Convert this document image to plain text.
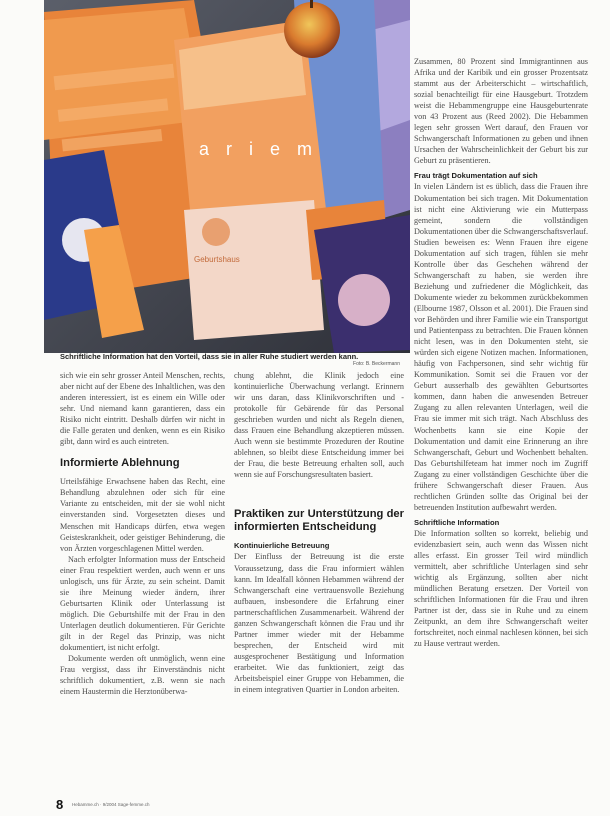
a r i e m
Geburtshaus
Schriftliche Information hat den Vorteil, dass sie in aller Ruhe studiert werden kann.
Foto: B. Beckermann

sich wie ein sehr grosser Anteil Menschen, rechts, aber nicht auf der Ebene des Inhaltlichen, was den anderen interessiert, ist es einem ein Wille oder sehr. Und niemand kann garantieren, dass ein Risiko nicht eintritt. Deshalb dürfen wir nicht in die Falle geraten und denken, wenn es ein Risiko gibt, dann wird es auch eintreten.

Informierte Ablehnung

Urteilsfähige Erwachsene haben das Recht, eine Behandlung abzulehnen oder sich für eine Variante zu entscheiden, mit der sie wohl nicht einverstanden sind. Vorgesetzten dieses und Menschen mit Handicaps dürfen, etwa wegen Geisteskrankheit, oder geistiger Behinderung, die von Ärzten vorgeschlagenen Mittel werden.

Nach erfolgter Information muss der Entscheid einer Frau respektiert werden, auch wenn er uns unlogisch, uns für Ärzte, zu sein scheint. Damit sie ihre Meinung wieder ändern, ihrer Geburtsarten Klinik oder Unterlassung ist möglich. Die Geburtshilfe mit der Frau in den Unterlagen deutlich dokumentieren. Für Gerichte gilt in der Regel das Prinzip, was nicht dokumentiert, ist nicht erfolgt.

Dokumente werden oft unmöglich, wenn eine Frau vergisst, dass ihr Einverständnis nicht schriftlich dokumentiert, z.B. wenn sie nach einem Haustermin die Herztonüberwa-

chung ablehnt, die Klinik jedoch eine kontinuierliche Überwachung verlangt. Erinnern wir uns daran, dass Klinikvorschriften und -protokolle für Gebärende für das Personal geschrieben wurden und nicht als Regeln dienen, dass Frauen eine Behandlung akzeptieren müssen. Auch wenn sie bestimmte Prozeduren der Routine ablehnen, so bleibt diese Entscheidung immer bei der Frau, die beste Betreuung erhalten soll, auch wenn sie auf Forschungsresultaten basiert.

Praktiken zur Unterstützung der informierten Entscheidung
Kontinuierliche Betreuung

Der Einfluss der Betreuung ist die erste Voraussetzung, dass die Frau informiert wählen kann. Im Idealfall können Hebammen während der Schwangerschaft eine vertrauensvolle Beziehung aufbauen, insbesondere die Erfahrung einer partnerschaftlichen Zusammenarbeit. Während der ganzen Schwangerschaft können die Frau und ihr Partner immer wieder mit der Hebamme besprechen, der Entscheid wird mit ausgesprochener Bestätigung und Information erarbeitet. Wie das funktioniert, zeigt das Arbeitsbeispiel einer Gruppe von Hebammen, die in einem integrativen Quartier in London arbeiten.

Zusammen, 80 Prozent sind Immigrantinnen aus Afrika und der Karibik und ein grosser Prozentsatz stammt aus der Arbeiterschicht – wirtschaftlich, sozial benachteiligt für eine Hausgeburt. Trotzdem weist die Hebammengruppe eine Hausgeburtenrate von 43 Prozent aus (Reed 2002). Die Hebammen legen sehr grossen Wert darauf, den Frauen vor Schwangerschaft Informationen zu geben und ihnen Ursachen der Wahrscheinlichkeit der Geburt bis zur Geburt zu präsentieren.

Frau trägt Dokumentation auf sich

In vielen Ländern ist es üblich, dass die Frauen ihre Dokumentation bei sich tragen. Mit Dokumentation ist nicht eine Aktivierung wie ein Mutterpass gemeint, sondern die vollständigen Dokumentationen über die Schwangerschaftsverlauf. Studien beweisen es: Wenn Frauen ihre eigene Dokumentation auf sich tragen, fühlen sie mehr Kontrolle über das Geschehen während der Schwangerschaft zu haben, sie werden ihre Beziehung und zufriedener die Möglichkeit, das Dokumente wieder zu bekommen zurückbekommen (Elbourne 1987, Olsson et al. 2001). Die Frauen sind vor Behörden und ihrer Familie wie ein Transportgut und Patientenpass zu betrachten. Die Frauen können nicht lesen, was in den Dokumenten steht, sie würden sich eigene Notizen machen. Informationen, häufig von Fachpersonen, sind sehr wichtig für Kommunikation. Somit sei die Frauen vor der Geburt ausserhalb des gewählten Geburtsortes kommen, dann haben die anwesenden Betreuer Zugang zu allen relevanten Unterlagen, weil die Frau sie immer mit sich trägt. Nach Abschluss des Wochenbetts kann sie eine Kopie der Dokumentation und damit eine Erinnerung an ihre Schwangerschaft, Geburt und Wochenbett behalten. Das Geburtshilfeteam hat immer noch im Zugriff Zugang zu einer vollständigen Geschichte über die frühere Schwangerschaft dieser Frauen. Aus rechtlichen Gründen sollte das Original bei der betreuenden Institution aufbewahrt werden.

Schriftliche Information

Die Information sollten so korrekt, beliebig und evidenzbasiert sein, auch wenn das Wissen nicht alles erfasst. Ein grosser Teil wird mündlich vermittelt, aber schriftliche Unterlagen sind sehr wichtig als Ergänzung, sollten aber nicht mündlichen Beratung ersetzen. Der Vorteil von schriftlichen Informationen für die Frau und ihren Partner ist der, dass sie in Ruhe und zu einem Zeitpunkt, an dem ihre Schwangerschaft weiter fortschreitet, noch einmal nachlesen können, bei sich zu Hause vertraut werden.

8 Hebamme.ch · 9/2004 Sage-femme.ch
